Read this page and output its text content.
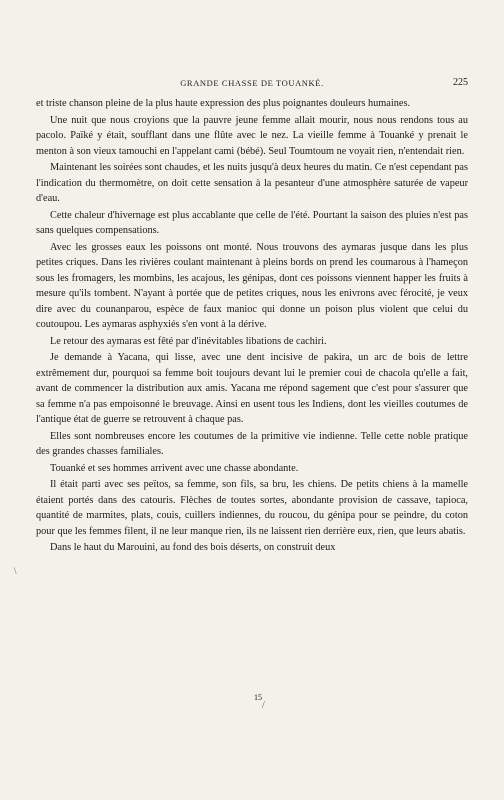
GRANDE CHASSE DE TOUANKÉ.	225

et triste chanson pleine de la plus haute expression des plus poignantes douleurs humaines.

Une nuit que nous croyions que la pauvre jeune femme allait mourir, nous nous rendons tous au pacolo. Païké y était, soufflant dans une flûte avec le nez. La vieille femme à Touanké y prenait le menton à son vieux tamouchi en l'appelant cami (bébé). Seul Toumtoum ne voyait rien, n'entendait rien.

Maintenant les soirées sont chaudes, et les nuits jusqu'à deux heures du matin. Ce n'est cependant pas l'indication du thermomètre, on doit cette sensation à la pesanteur d'une atmosphère saturée de vapeur d'eau.

Cette chaleur d'hivernage est plus accablante que celle de l'été. Pourtant la saison des pluies n'est pas sans quelques compensations.

Avec les grosses eaux les poissons ont monté. Nous trouvons des aymaras jusque dans les plus petites criques. Dans les rivières coulant maintenant à pleins bords on prend les coumarous à l'hameçon sous les fromagers, les mombins, les acajous, les génipas, dont ces poissons viennent happer les fruits à mesure qu'ils tombent. N'ayant à portée que de petites criques, nous les enivrons avec férocité, je veux dire avec du counanparou, espèce de faux manioc qui donne un poison plus violent que celui du coutoupou. Les aymaras asphyxiés s'en vont à la dérive.

Le retour des aymaras est fêté par d'inévitables libations de cachiri.

Je demande à Yacana, qui lisse, avec une dent incisive de pakira, un arc de bois de lettre extrêmement dur, pourquoi sa femme boit toujours devant lui le premier coui de chacola qu'elle a fait, avant de commencer la distribution aux amis. Yacana me répond sagement que c'est pour s'assurer que sa femme n'a pas empoisonné le breuvage. Ainsi en usent tous les Indiens, dont les vieilles coutumes de l'antique état de guerre se retrouvent à chaque pas.

Elles sont nombreuses encore les coutumes de la primitive vie indienne. Telle cette noble pratique des grandes chasses familiales.

Touanké et ses hommes arrivent avec une chasse abondante.

Il était parti avec ses peïtos, sa femme, son fils, sa bru, les chiens. De petits chiens à la mamelle étaient portés dans des catouris. Flèches de toutes sortes, abondante provision de cassave, tapioca, quantité de marmites, plats, couis, cuillers indiennes, du roucou, du génipa pour se peindre, du coton pour que les femmes filent, il ne leur manque rien, ils ne laissent rien derrière eux, rien, que leurs abatis.

Dans le haut du Marouini, au fond des bois déserts, on construit deux

15
\
/
